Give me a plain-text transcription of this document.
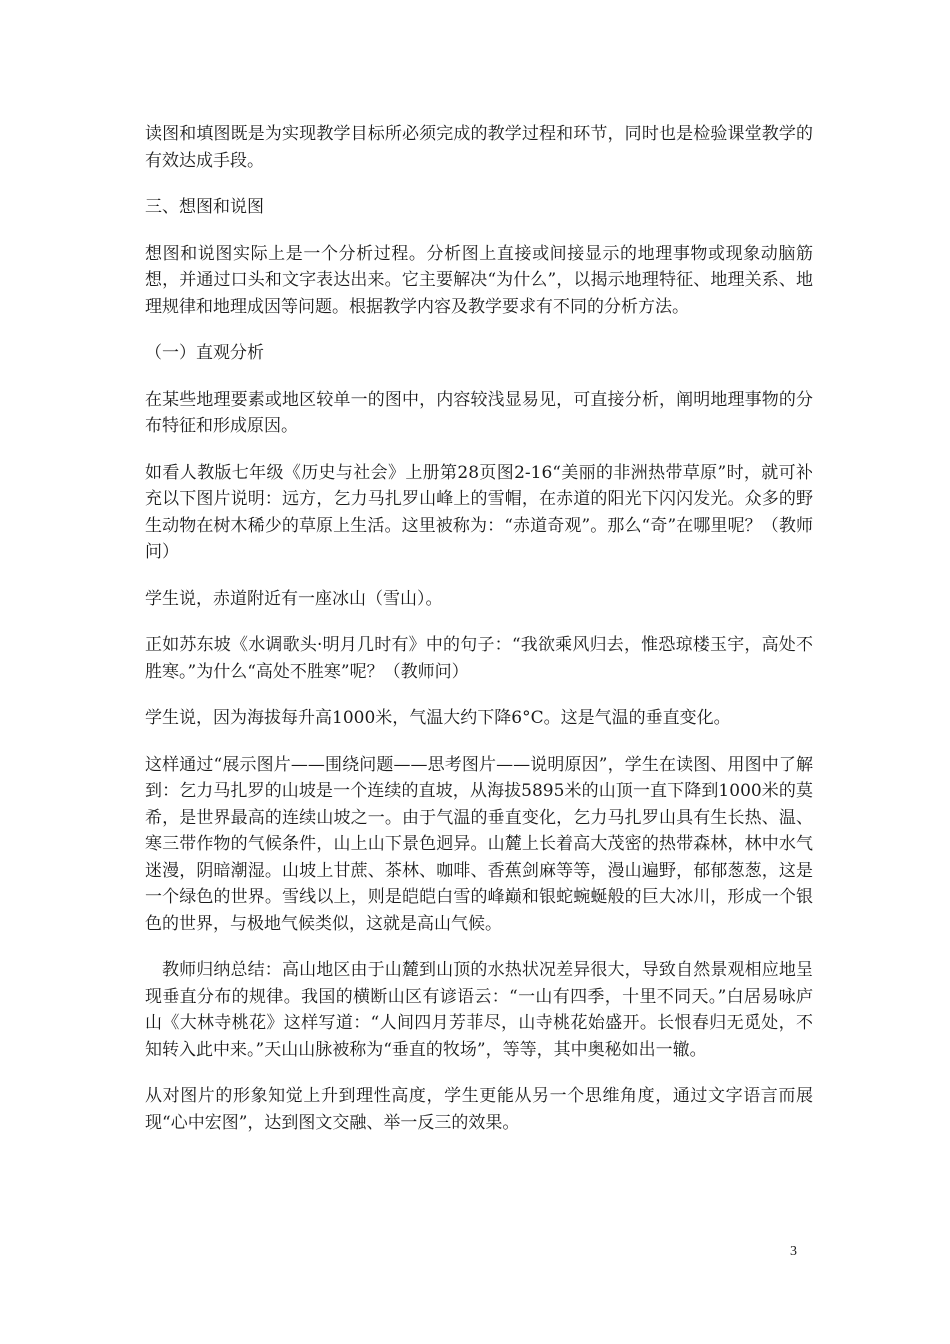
读图和填图既是为实现教学目标所必须完成的教学过程和环节，同时也是检验课堂教学的有效达成手段。

三、想图和说图

想图和说图实际上是一个分析过程。分析图上直接或间接显示的地理事物或现象动脑筋想，并通过口头和文字表达出来。它主要解决“为什么”，以揭示地理特征、地理关系、地理规律和地理成因等问题。根据教学内容及教学要求有不同的分析方法。

（一）直观分析

在某些地理要素或地区较单一的图中，内容较浅显易见，可直接分析，阐明地理事物的分布特征和形成原因。

如看人教版七年级《历史与社会》上册第28页图2-16“美丽的非洲热带草原”时，就可补充以下图片说明：远方，乞力马扎罗山峰上的雪帽，在赤道的阳光下闪闪发光。众多的野生动物在树木稀少的草原上生活。这里被称为：“赤道奇观”。那么“奇”在哪里呢？（教师问）

学生说，赤道附近有一座冰山（雪山）。

正如苏东坡《水调歌头·明月几时有》中的句子：“我欲乘风归去，惟恐琼楼玉宇，高处不胜寒。”为什么“高处不胜寒”呢？（教师问）

学生说，因为海拔每升高1000米，气温大约下降6°C。这是气温的垂直变化。

这样通过“展示图片——围绕问题——思考图片——说明原因”，学生在读图、用图中了解到：乞力马扎罗的山坡是一个连续的直坡，从海拔5895米的山顶一直下降到1000米的莫希，是世界最高的连续山坡之一。由于气温的垂直变化，乞力马扎罗山具有生长热、温、寒三带作物的气候条件，山上山下景色迥异。山麓上长着高大茂密的热带森林，林中水气迷漫，阴暗潮湿。山坡上甘蔗、茶林、咖啡、香蕉剑麻等等，漫山遍野，郁郁葱葱，这是一个绿色的世界。雪线以上，则是皑皑白雪的峰巅和银蛇蜿蜒般的巨大冰川，形成一个银色的世界，与极地气候类似，这就是高山气候。

教师归纳总结：高山地区由于山麓到山顶的水热状况差异很大，导致自然景观相应地呈现垂直分布的规律。我国的横断山区有谚语云：“一山有四季，十里不同天。”白居易咏庐山《大林寺桃花》这样写道：“人间四月芳菲尽，山寺桃花始盛开。长恨春归无觅处，不知转入此中来。”天山山脉被称为“垂直的牧场”，等等，其中奥秘如出一辙。

从对图片的形象知觉上升到理性高度，学生更能从另一个思维角度，通过文字语言而展现“心中宏图”，达到图文交融、举一反三的效果。

3
